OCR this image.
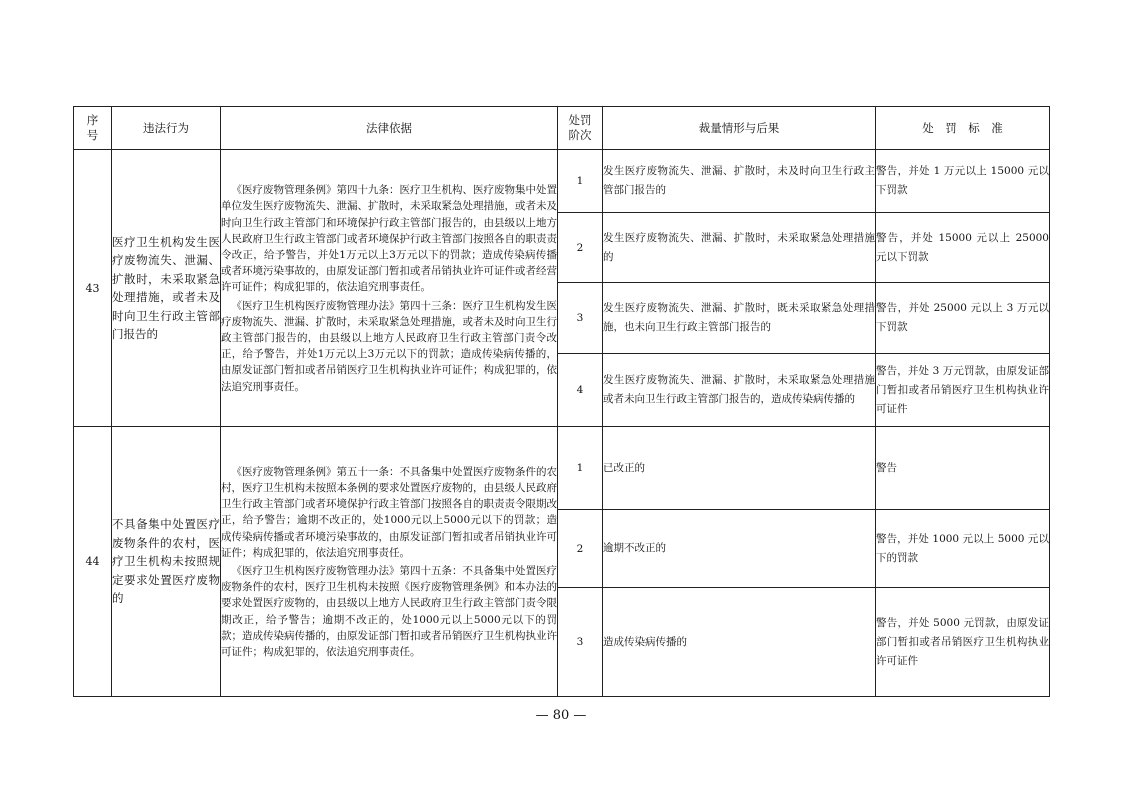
序
号	违法行为	法律依据	处罚
阶次	裁量情形与后果	处　罚　标　准
43	医疗卫生机构发生医疗废物流失、泄漏、扩散时，未采取紧急处理措施，或者未及时向卫生行政主管部门报告的	《医疗废物管理条例》第四十九条：医疗卫生机构、医疗废物集中处置单位发生医疗废物流失、泄漏、扩散时，未采取紧急处理措施，或者未及时向卫生行政主管部门和环境保护行政主管部门报告的，由县级以上地方人民政府卫生行政主管部门或者环境保护行政主管部门按照各自的职责责令改正，给予警告，并处1万元以上3万元以下的罚款；造成传染病传播或者环境污染事故的，由原发证部门暂扣或者吊销执业许可证件或者经营许可证件；构成犯罪的，依法追究刑事责任。

《医疗卫生机构医疗废物管理办法》第四十三条：医疗卫生机构发生医疗废物流失、泄漏、扩散时，未采取紧急处理措施，或者未及时向卫生行政主管部门报告的，由县级以上地方人民政府卫生行政主管部门责令改正，给予警告，并处1万元以上3万元以下的罚款；造成传染病传播的，由原发证部门暂扣或者吊销医疗卫生机构执业许可证件；构成犯罪的，依法追究刑事责任。	1	发生医疗废物流失、泄漏、扩散时，未及时向卫生行政主管部门报告的	警告，并处 1 万元以上 15000 元以下罚款
			2	发生医疗废物流失、泄漏、扩散时，未采取紧急处理措施的	警告，并处 15000 元以上 25000 元以下罚款
			3	发生医疗废物流失、泄漏、扩散时，既未采取紧急处理措施，也未向卫生行政主管部门报告的	警告，并处 25000 元以上 3 万元以下罚款
			4	发生医疗废物流失、泄漏、扩散时，未采取紧急处理措施或者未向卫生行政主管部门报告的，造成传染病传播的	警告，并处 3 万元罚款，由原发证部门暂扣或者吊销医疗卫生机构执业许可证件
44	不具备集中处置医疗废物条件的农村，医疗卫生机构未按照规定要求处置医疗废物的	《医疗废物管理条例》第五十一条：不具备集中处置医疗废物条件的农村，医疗卫生机构未按照本条例的要求处置医疗废物的，由县级人民政府卫生行政主管部门或者环境保护行政主管部门按照各自的职责责令限期改正，给予警告；逾期不改正的，处1000元以上5000元以下的罚款；造成传染病传播或者环境污染事故的，由原发证部门暂扣或者吊销执业许可证件；构成犯罪的，依法追究刑事责任。

《医疗卫生机构医疗废物管理办法》第四十五条：不具备集中处置医疗废物条件的农村，医疗卫生机构未按照《医疗废物管理条例》和本办法的要求处置医疗废物的，由县级以上地方人民政府卫生行政主管部门责令限期改正，给予警告；逾期不改正的，处1000元以上5000元以下的罚款；造成传染病传播的，由原发证部门暂扣或者吊销医疗卫生机构执业许可证件；构成犯罪的，依法追究刑事责任。	1	已改正的	警告
			2	逾期不改正的	警告，并处 1000 元以上 5000 元以下的罚款
			3	造成传染病传播的	警告，并处 5000 元罚款，由原发证部门暂扣或者吊销医疗卫生机构执业许可证件
— 80 —
